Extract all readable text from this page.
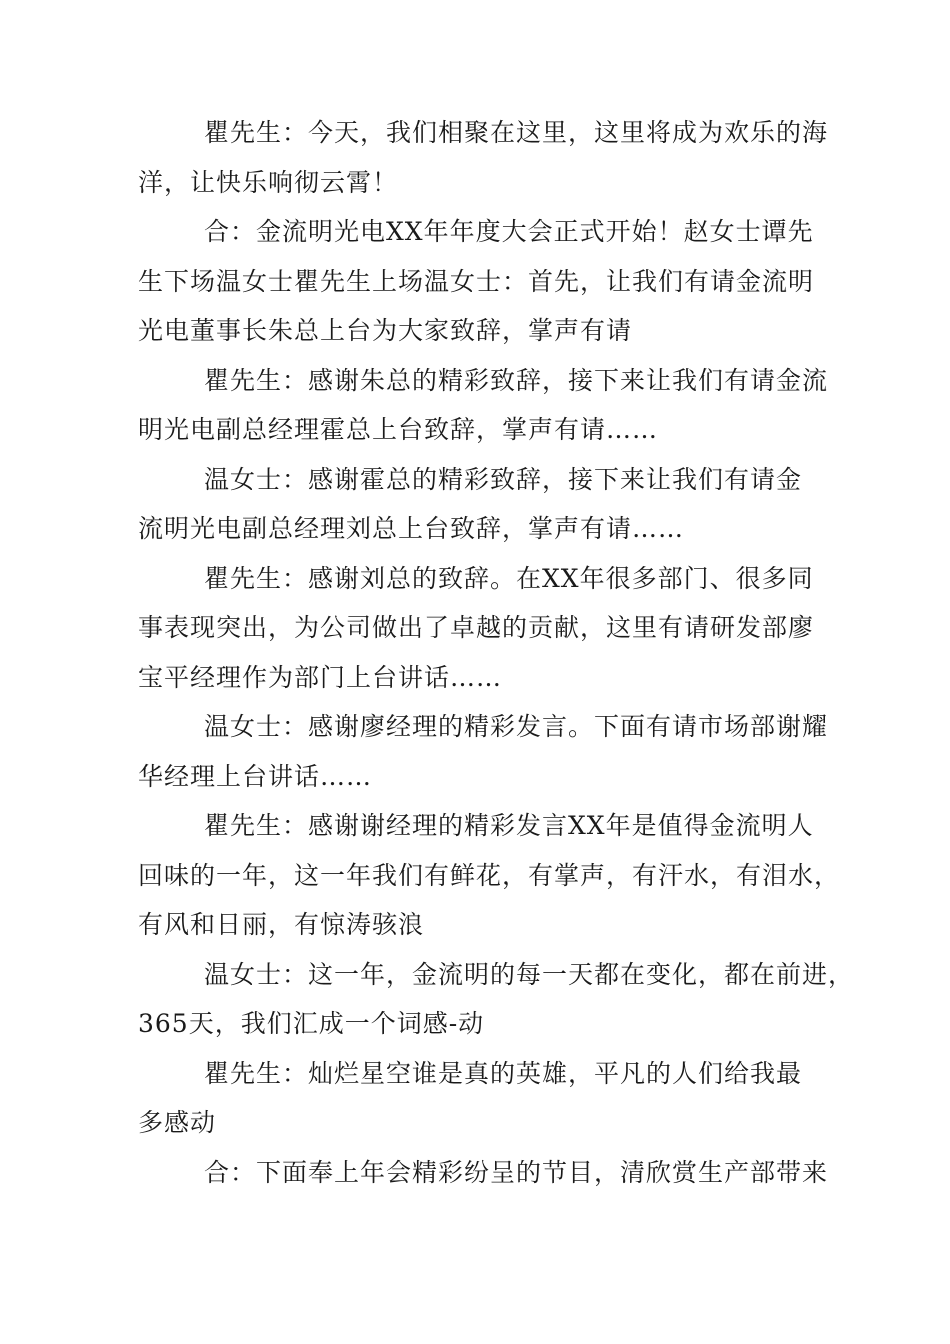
瞿先生：今天，我们相聚在这里，这里将成为欢乐的海
洋，让快乐响彻云霄！

合：金流明光电XX年年度大会正式开始！赵女士谭先
生下场温女士瞿先生上场温女士：首先，让我们有请金流明
光电董事长朱总上台为大家致辞，掌声有请

瞿先生：感谢朱总的精彩致辞，接下来让我们有请金流
明光电副总经理霍总上台致辞，掌声有请……

温女士：感谢霍总的精彩致辞，接下来让我们有请金
流明光电副总经理刘总上台致辞，掌声有请……

瞿先生：感谢刘总的致辞。在XX年很多部门、很多同
事表现突出，为公司做出了卓越的贡献，这里有请研发部廖
宝平经理作为部门上台讲话……

温女士：感谢廖经理的精彩发言。下面有请市场部谢耀
华经理上台讲话……

瞿先生：感谢谢经理的精彩发言XX年是值得金流明人
回味的一年，这一年我们有鲜花，有掌声，有汗水，有泪水，
有风和日丽，有惊涛骇浪

温女士：这一年，金流明的每一天都在变化，都在前进，
365天，我们汇成一个词感-动

瞿先生：灿烂星空谁是真的英雄，平凡的人们给我最
多感动

合：下面奉上年会精彩纷呈的节目，清欣赏生产部带来
